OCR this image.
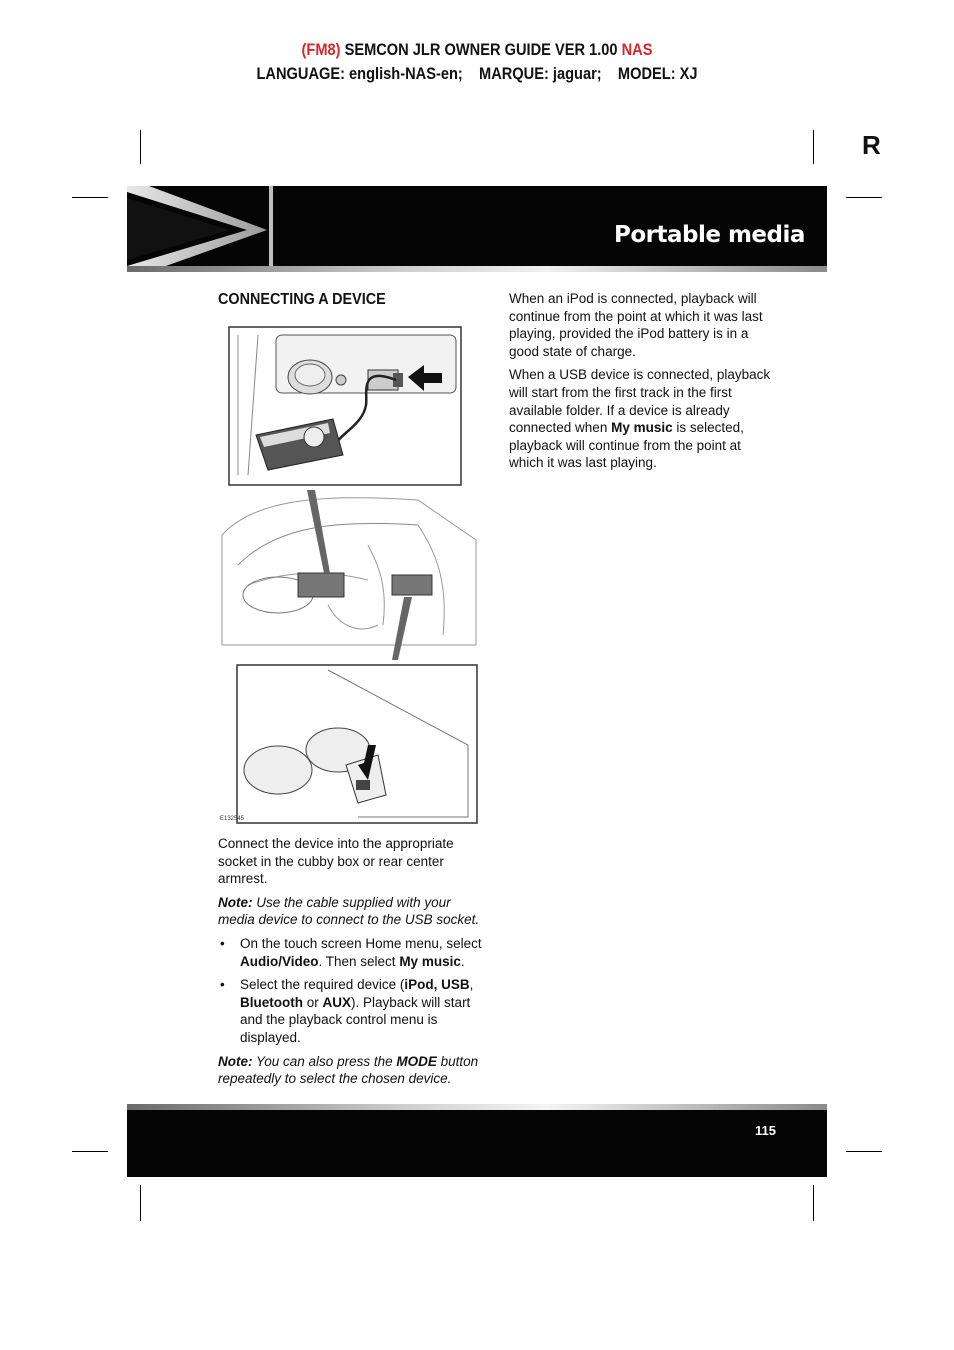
(FM8) SEMCON JLR OWNER GUIDE VER 1.00 NAS
LANGUAGE: english-NAS-en;    MARQUE: jaguar;    MODEL: XJ
R
Portable media
CONNECTING A DEVICE
E132545

Connect the device into the appropriate socket in the cubby box or rear center armrest.

Note: Use the cable supplied with your media device to connect to the USB socket.

• On the touch screen Home menu, select Audio/Video. Then select My music.

• Select the required device (iPod, USB, Bluetooth or AUX). Playback will start and the playback control menu is displayed.

Note: You can also press the MODE button repeatedly to select the chosen device.

When an iPod is connected, playback will continue from the point at which it was last playing, provided the iPod battery is in a good state of charge.

When a USB device is connected, playback will start from the first track in the first available folder. If a device is already connected when My music is selected, playback will continue from the point at which it was last playing.

115
